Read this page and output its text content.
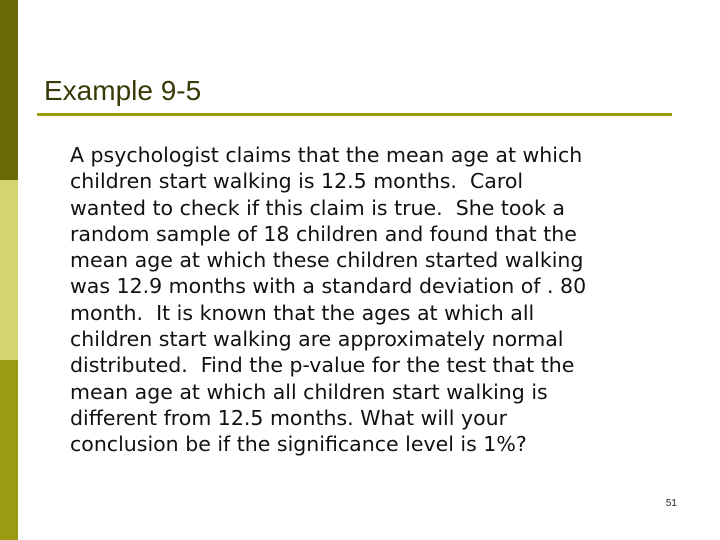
Example 9-5
A psychologist claims that the mean age at which
children start walking is 12.5 months.  Carol
wanted to check if this claim is true.  She took a
random sample of 18 children and found that the
mean age at which these children started walking
was 12.9 months with a standard deviation of . 80
month.  It is known that the ages at which all
children start walking are approximately normal
distributed.  Find the p-value for the test that the
mean age at which all children start walking is
different from 12.5 months. What will your
conclusion be if the significance level is 1%?
51
